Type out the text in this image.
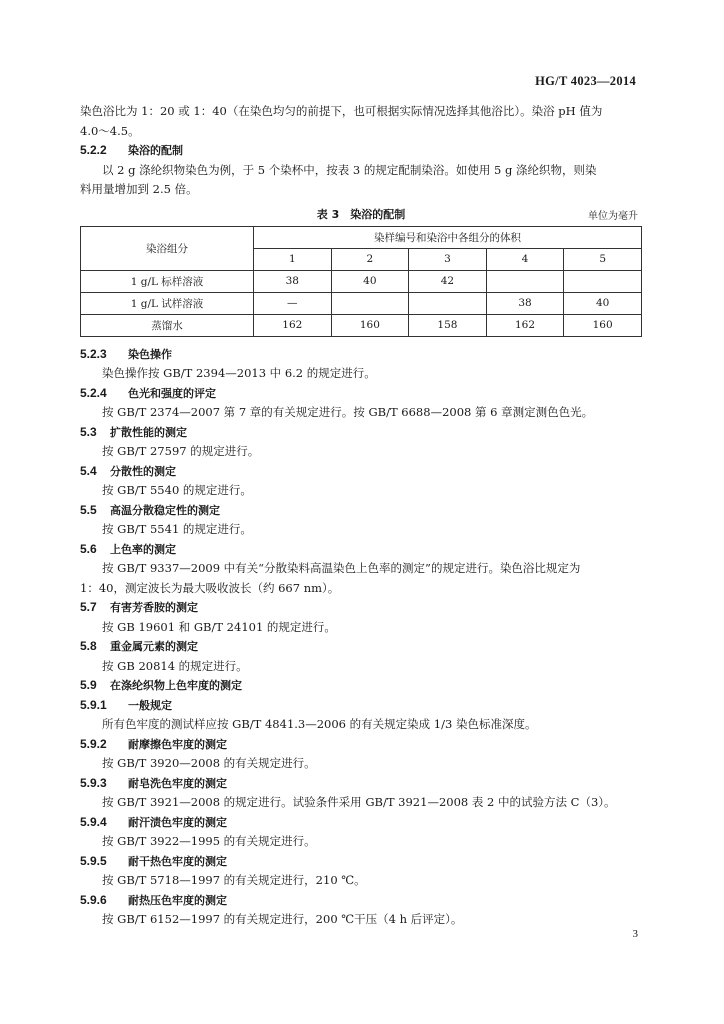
HG/T 4023—2014

染色浴比为 1：20 或 1：40（在染色均匀的前提下，也可根据实际情况选择其他浴比）。染浴 pH 值为

4.0～4.5。

5.2.2 染浴的配制

以 2 g 涤纶织物染色为例，于 5 个染杯中，按表 3 的规定配制染浴。如使用 5 g 涤纶织物，则染

料用量增加到 2.5 倍。

表 3　染浴的配制	单位为毫升
染浴组分	染样编号和染浴中各组分的体积				
	1	2	3	4	5
1 g/L 标样溶液	38	40	42		
1 g/L 试样溶液	—			38	40
蒸馏水	162	160	158	162	160
5.2.3 染色操作

染色操作按 GB/T 2394—2013 中 6.2 的规定进行。

5.2.4 色光和强度的评定

按 GB/T 2374—2007 第 7 章的有关规定进行。按 GB/T 6688—2008 第 6 章测定测色色光。

5.3 扩散性能的测定

按 GB/T 27597 的规定进行。

5.4 分散性的测定

按 GB/T 5540 的规定进行。

5.5 高温分散稳定性的测定

按 GB/T 5541 的规定进行。

5.6 上色率的测定

按 GB/T 9337—2009 中有关“分散染料高温染色上色率的测定”的规定进行。染色浴比规定为

1：40，测定波长为最大吸收波长（约 667 nm）。

5.7 有害芳香胺的测定

按 GB 19601 和 GB/T 24101 的规定进行。

5.8 重金属元素的测定

按 GB 20814 的规定进行。

5.9 在涤纶织物上色牢度的测定
5.9.1 一般规定

所有色牢度的测试样应按 GB/T 4841.3—2006 的有关规定染成 1/3 染色标准深度。

5.9.2 耐摩擦色牢度的测定

按 GB/T 3920—2008 的有关规定进行。

5.9.3 耐皂洗色牢度的测定

按 GB/T 3921—2008 的规定进行。试验条件采用 GB/T 3921—2008 表 2 中的试验方法 C（3）。

5.9.4 耐汗渍色牢度的测定

按 GB/T 3922—1995 的有关规定进行。

5.9.5 耐干热色牢度的测定

按 GB/T 5718—1997 的有关规定进行，210 ℃。

5.9.6 耐热压色牢度的测定

按 GB/T 6152—1997 的有关规定进行，200 ℃干压（4 h 后评定）。

3
